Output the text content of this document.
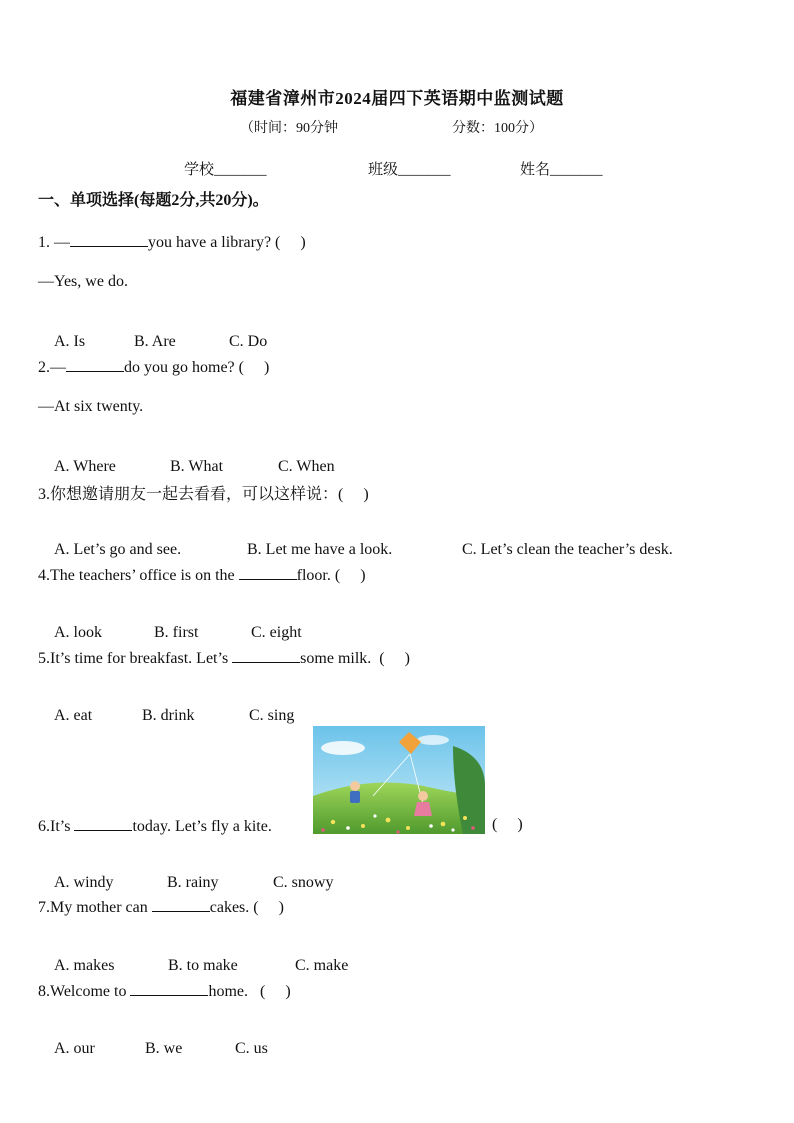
福建省漳州市2024届四下英语期中监测试题
（时间：90分钟	分数：100分）
学校_______	班级_______	姓名_______
一、单项选择(每题2分,共20分)。
1. —	you have a library? (     )
—Yes, we do.

A. Is	B. Are	C. Do

2.—	do you go home? (     )
—At six twenty.

A. Where	B. What	C. When

3.你想邀请朋友一起去看看，可以这样说：(     )

A. Let’s go and see.	B. Let me have a look.	C. Let’s clean the teacher’s desk.

4.The teachers’ office is on the	floor. (     )

A. look	B. first	C. eight

5.It’s time for breakfast. Let’s	some milk.  (     )

A. eat	B. drink	C. sing

6.It’s	today. Let’s fly a kite.	(     )

A. windy	B. rainy	C. snowy

7.My mother can	cakes. (     )

A. makes	B. to make	C. make

8.Welcome to	home.   (     )

A. our	B. we	C. us
